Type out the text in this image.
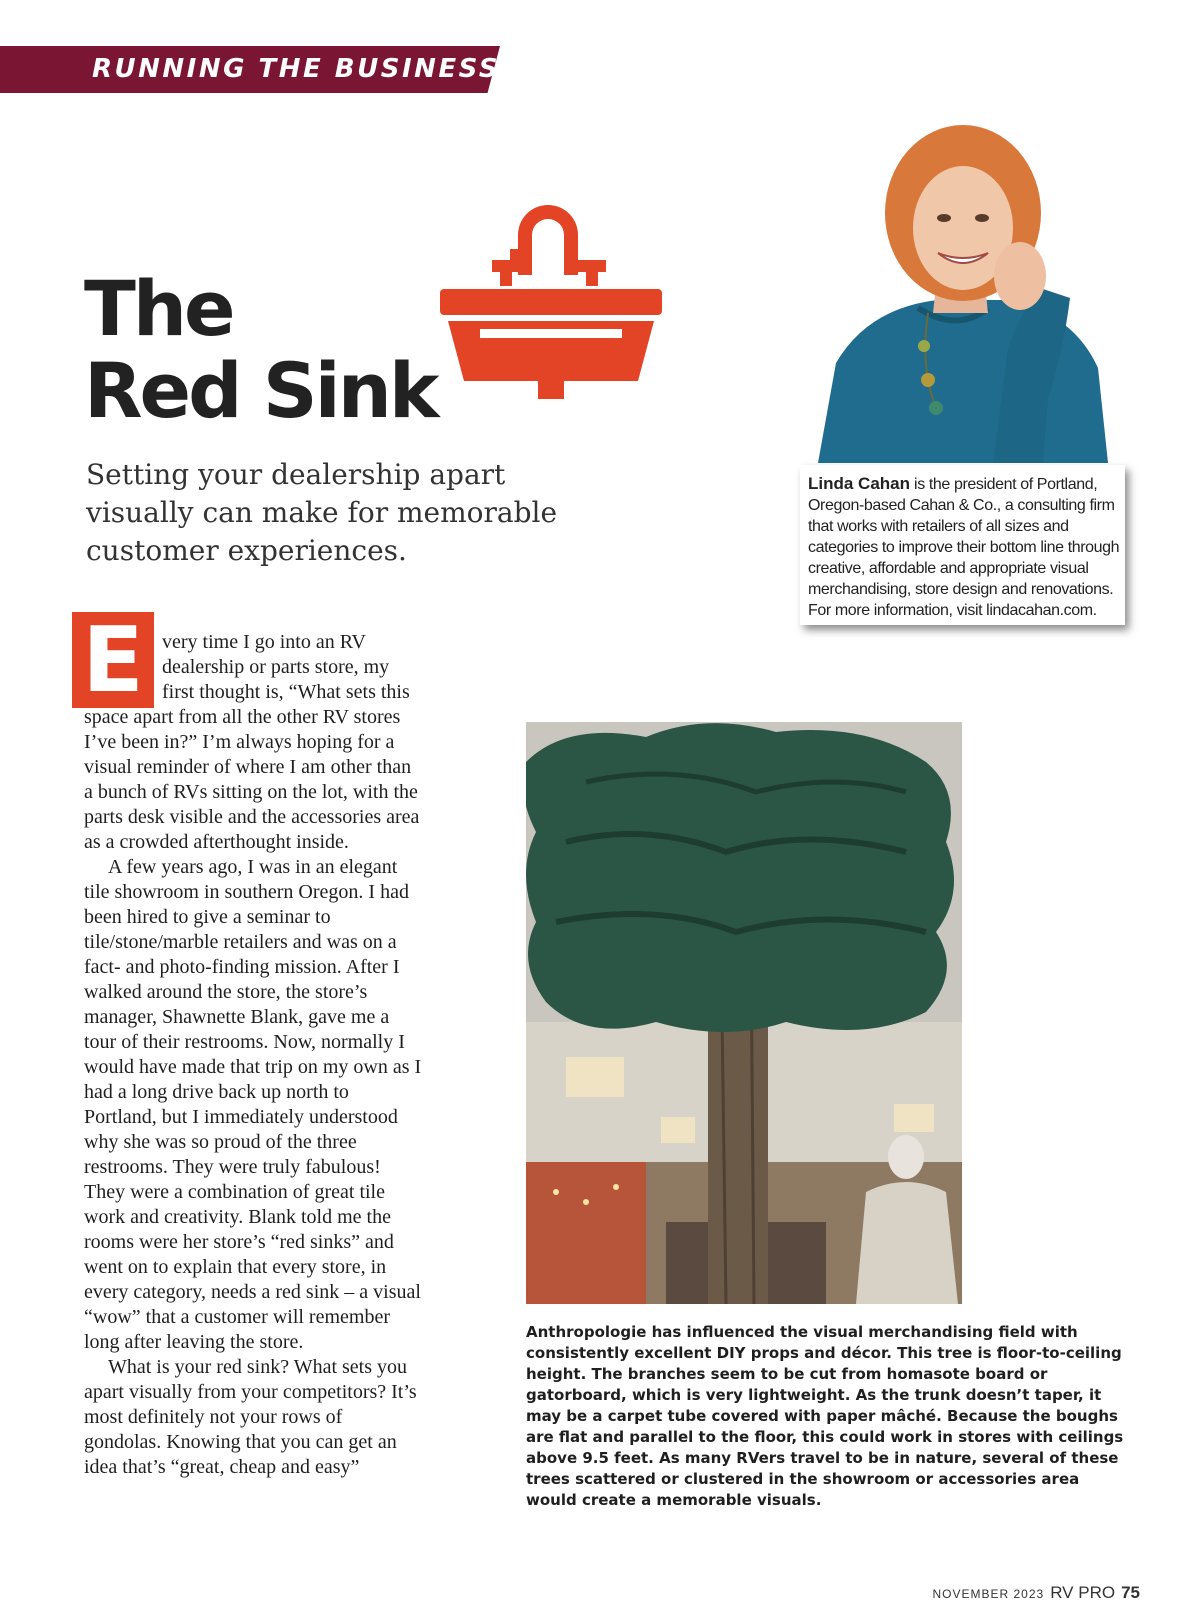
RUNNING THE BUSINESS
The
Red Sink
Setting your dealership apart visually can make for memorable customer experiences.
Linda Cahan is the president of Portland, Oregon-based Cahan & Co., a consulting firm that works with retailers of all sizes and categories to improve their bottom line through creative, affordable and appropriate visual merchandising, store design and renovations. For more information, visit lindacahan.com.
E very time I go into an RV dealership or parts store, my first thought is, “What sets this space apart from all the other RV stores I’ve been in?” I’m always hoping for a visual reminder of where I am other than a bunch of RVs sitting on the lot, with the parts desk visible and the accessories area as a crowded afterthought inside.

A few years ago, I was in an elegant tile showroom in southern Oregon. I had been hired to give a seminar to tile/stone/marble retailers and was on a fact- and photo-finding mission. After I walked around the store, the store’s manager, Shawnette Blank, gave me a tour of their restrooms. Now, normally I would have made that trip on my own as I had a long drive back up north to Portland, but I immediately understood why she was so proud of the three restrooms. They were truly fabulous! They were a combination of great tile work and creativity. Blank told me the rooms were her store’s “red sinks” and went on to explain that every store, in every category, needs a red sink – a visual “wow” that a customer will remember long after leaving the store.

What is your red sink? What sets you apart visually from your competitors? It’s most definitely not your rows of gondolas. Knowing that you can get an idea that’s “great, cheap and easy”

Anthropologie has influenced the visual merchandising field with consistently excellent DIY props and décor. This tree is floor-to-ceiling height. The branches seem to be cut from homasote board or gatorboard, which is very lightweight. As the trunk doesn’t taper, it may be a carpet tube covered with paper mâché. Because the boughs are flat and parallel to the floor, this could work in stores with ceilings above 9.5 feet. As many RVers travel to be in nature, several of these trees scattered or clustered in the showroom or accessories area would create a memorable visuals.
NOVEMBER 2023 RV PRO 75
